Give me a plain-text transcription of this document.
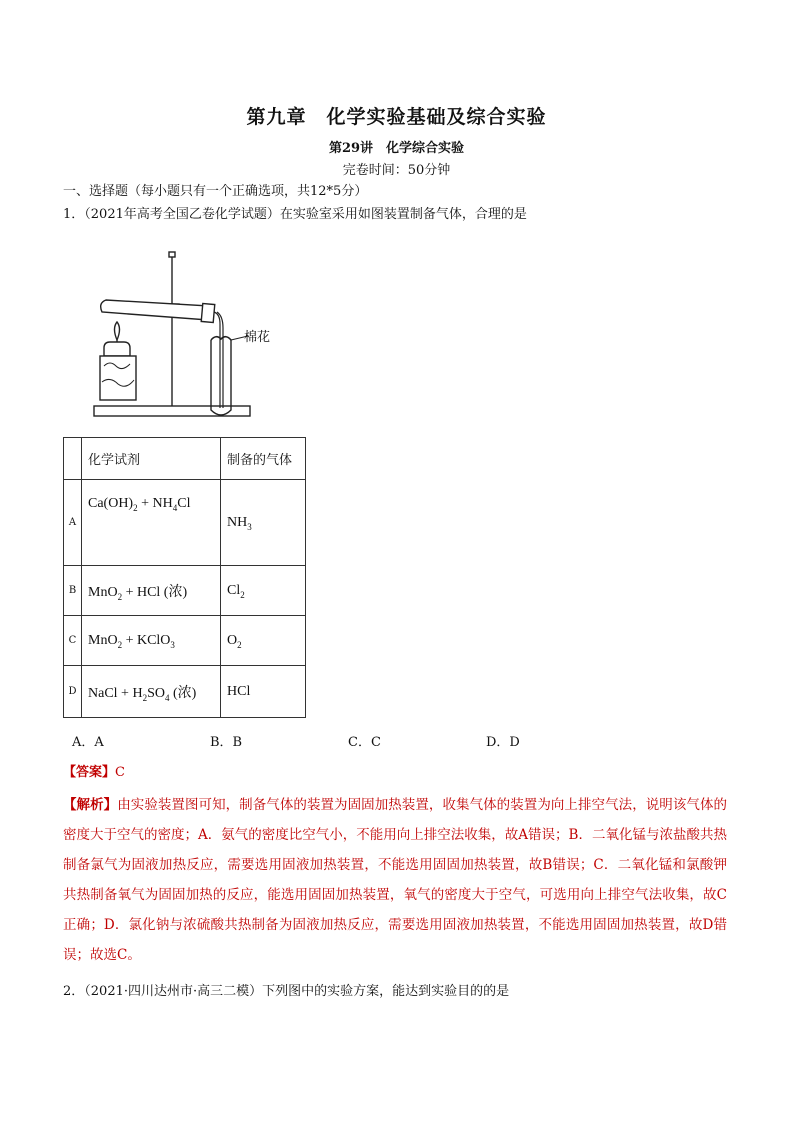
第九章　化学实验基础及综合实验
第29讲　化学综合实验
完卷时间：50分钟
一、选择题（每小题只有一个正确选项，共12*5分）
1．（2021年高考全国乙卷化学试题）在实验室采用如图装置制备气体，合理的是
棉花
	化学试剂	制备的气体
A	$Ca(OH)_2 + NH_4Cl$	$NH_3$
B	MnO$_2$ + HCl (浓)	$Cl_2$
C	MnO$_2$ + KClO$_3$	$O_2$
D	NaCl + $H_2SO_4$ (浓)	HCl
A．A	B．B	C．C	D．D
【答案】C
【解析】由实验装置图可知，制备气体的装置为固固加热装置，收集气体的装置为向上排空气法，说明该气体的密度大于空气的密度；A．氨气的密度比空气小，不能用向上排空法收集，故A错误；B．二氧化锰与浓盐酸共热制备氯气为固液加热反应，需要选用固液加热装置，不能选用固固加热装置，故B错误；C．二氧化锰和氯酸钾共热制备氧气为固固加热的反应，能选用固固加热装置，氧气的密度大于空气，可选用向上排空气法收集，故C正确；D．氯化钠与浓硫酸共热制备为固液加热反应，需要选用固液加热装置，不能选用固固加热装置，故D错误；故选C。
2．（2021·四川达州市·高三二模）下列图中的实验方案，能达到实验目的的是
